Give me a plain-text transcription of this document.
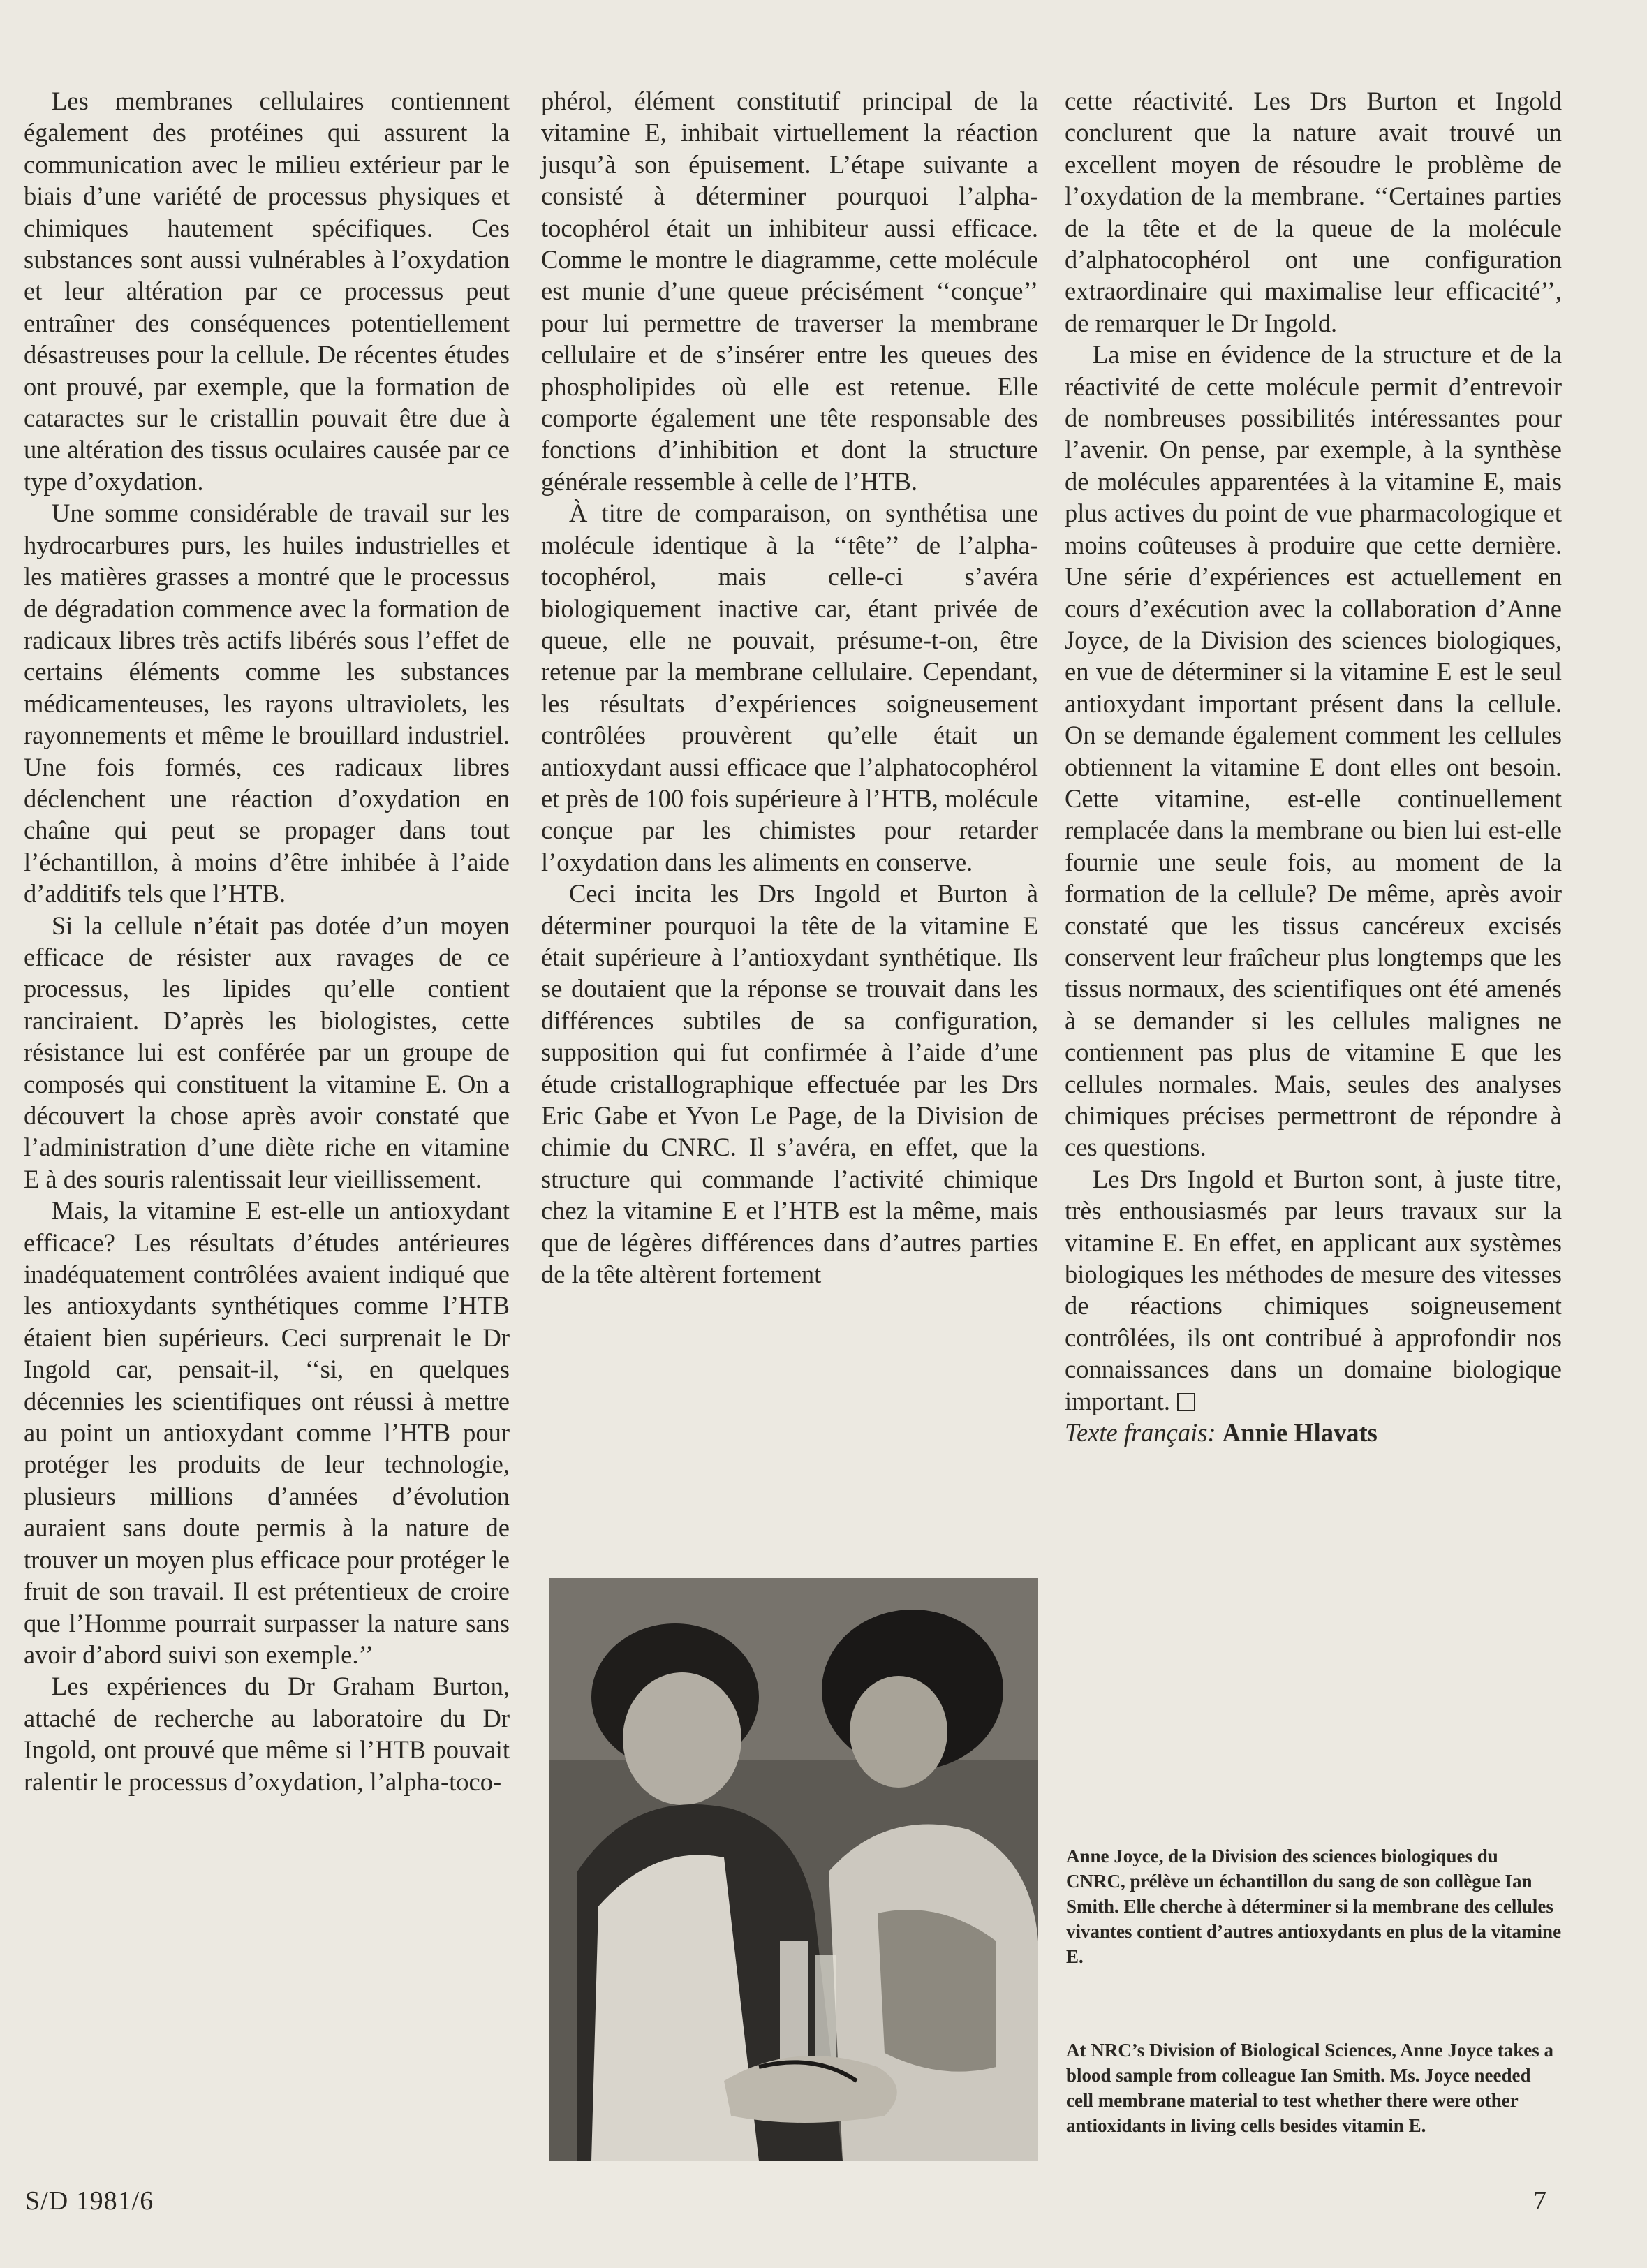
Les membranes cellulaires contiennent également des protéines qui assurent la communication avec le milieu extérieur par le biais d’une variété de processus physiques et chimiques hautement spécifiques. Ces substances sont aussi vulnérables à l’oxydation et leur altération par ce processus peut entraîner des conséquences potentiellement désastreuses pour la cellule. De récentes études ont prouvé, par exemple, que la formation de cataractes sur le cristallin pouvait être due à une altération des tissus oculaires causée par ce type d’oxydation.

Une somme considérable de travail sur les hydrocarbures purs, les huiles industrielles et les matières grasses a montré que le processus de dégradation commence avec la formation de radicaux libres très actifs libérés sous l’effet de certains éléments comme les substances médicamenteuses, les rayons ultraviolets, les rayonnements et même le brouillard industriel. Une fois formés, ces radicaux libres déclenchent une réaction d’oxydation en chaîne qui peut se propager dans tout l’échantillon, à moins d’être inhibée à l’aide d’additifs tels que l’HTB.

Si la cellule n’était pas dotée d’un moyen efficace de résister aux ravages de ce processus, les lipides qu’elle contient ranciraient. D’après les biologistes, cette résistance lui est conférée par un groupe de composés qui constituent la vitamine E. On a découvert la chose après avoir constaté que l’administration d’une diète riche en vitamine E à des souris ralentissait leur vieillissement.

Mais, la vitamine E est-elle un antioxydant efficace? Les résultats d’études antérieures inadéquatement contrôlées avaient indiqué que les antioxydants synthétiques comme l’HTB étaient bien supérieurs. Ceci surprenait le Dr Ingold car, pensait-il, ‘‘si, en quelques décennies les scientifiques ont réussi à mettre au point un antioxydant comme l’HTB pour protéger les produits de leur technologie, plusieurs millions d’années d’évolution auraient sans doute permis à la nature de trouver un moyen plus efficace pour protéger le fruit de son travail. Il est prétentieux de croire que l’Homme pourrait surpasser la nature sans avoir d’abord suivi son exemple.’’

Les expériences du Dr Graham Burton, attaché de recherche au laboratoire du Dr Ingold, ont prouvé que même si l’HTB pouvait ralentir le processus d’oxydation, l’alpha-toco-

phérol, élément constitutif principal de la vitamine E, inhibait virtuellement la réaction jusqu’à son épuisement. L’étape suivante a consisté à déterminer pourquoi l’alpha-tocophérol était un inhibiteur aussi efficace. Comme le montre le diagramme, cette molécule est munie d’une queue précisément ‘‘conçue’’ pour lui permettre de traverser la membrane cellulaire et de s’insérer entre les queues des phospholipides où elle est retenue. Elle comporte également une tête responsable des fonctions d’inhibition et dont la structure générale ressemble à celle de l’HTB.

À titre de comparaison, on synthétisa une molécule identique à la ‘‘tête’’ de l’alpha-tocophérol, mais celle-ci s’avéra biologiquement inactive car, étant privée de queue, elle ne pouvait, présume-t-on, être retenue par la membrane cellulaire. Cependant, les résultats d’expériences soigneusement contrôlées prouvèrent qu’elle était un antioxydant aussi efficace que l’alphatocophérol et près de 100 fois supérieure à l’HTB, molécule conçue par les chimistes pour retarder l’oxydation dans les aliments en conserve.

Ceci incita les Drs Ingold et Burton à déterminer pourquoi la tête de la vitamine E était supérieure à l’antioxydant synthétique. Ils se doutaient que la réponse se trouvait dans les différences subtiles de sa configuration, supposition qui fut confirmée à l’aide d’une étude cristallographique effectuée par les Drs Eric Gabe et Yvon Le Page, de la Division de chimie du CNRC. Il s’avéra, en effet, que la structure qui commande l’activité chimique chez la vitamine E et l’HTB est la même, mais que de légères différences dans d’autres parties de la tête altèrent fortement

cette réactivité. Les Drs Burton et Ingold conclurent que la nature avait trouvé un excellent moyen de résoudre le problème de l’oxydation de la membrane. ‘‘Certaines parties de la tête et de la queue de la molécule d’alphatocophérol ont une configuration extraordinaire qui maximalise leur efficacité’’, de remarquer le Dr Ingold.

La mise en évidence de la structure et de la réactivité de cette molécule permit d’entrevoir de nombreuses possibilités intéressantes pour l’avenir. On pense, par exemple, à la synthèse de molécules apparentées à la vitamine E, mais plus actives du point de vue pharmacologique et moins coûteuses à produire que cette dernière. Une série d’expériences est actuellement en cours d’exécution avec la collaboration d’Anne Joyce, de la Division des sciences biologiques, en vue de déterminer si la vitamine E est le seul antioxydant important présent dans la cellule. On se demande également comment les cellules obtiennent la vitamine E dont elles ont besoin. Cette vitamine, est-elle continuellement remplacée dans la membrane ou bien lui est-elle fournie une seule fois, au moment de la formation de la cellule? De même, après avoir constaté que les tissus cancéreux excisés conservent leur fraîcheur plus longtemps que les tissus normaux, des scientifiques ont été amenés à se demander si les cellules malignes ne contiennent pas plus de vitamine E que les cellules normales. Mais, seules des analyses chimiques précises permettront de répondre à ces questions.

Les Drs Ingold et Burton sont, à juste titre, très enthousiasmés par leurs travaux sur la vitamine E. En effet, en applicant aux systèmes biologiques les méthodes de mesure des vitesses de réactions chimiques soigneusement contrôlées, ils ont contribué à approfondir nos connaissances dans un domaine biologique important.

Texte français: Annie Hlavats

Anne Joyce, de la Division des sciences biologiques du CNRC, prélève un échantillon du sang de son collègue Ian Smith. Elle cherche à déterminer si la membrane des cellules vivantes contient d’autres antioxydants en plus de la vitamine E.

At NRC’s Division of Biological Sciences, Anne Joyce takes a blood sample from colleague Ian Smith. Ms. Joyce needed cell membrane material to test whether there were other antioxidants in living cells besides vitamin E.

S/D 1981/6	7
